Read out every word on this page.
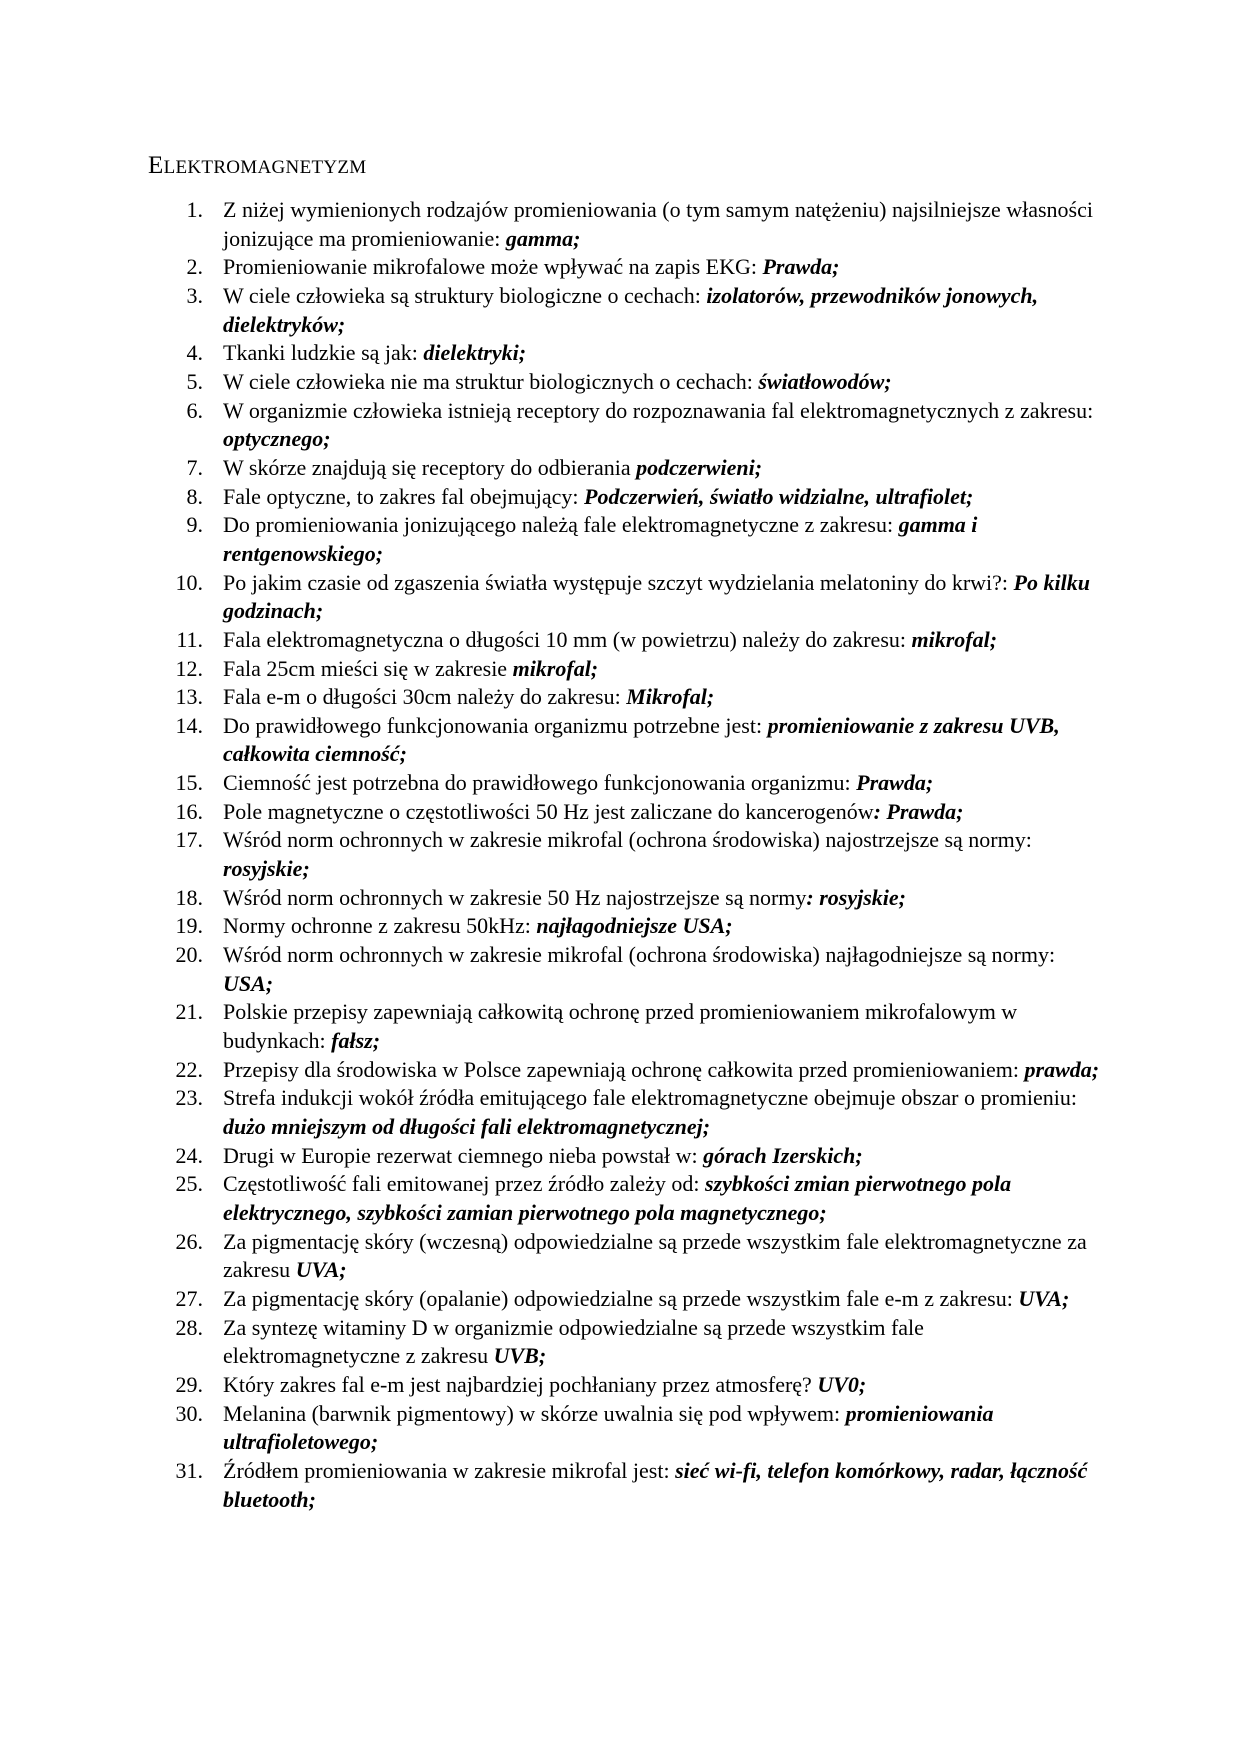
ELEKTROMAGNETYZM
1. Z niżej wymienionych rodzajów promieniowania (o tym samym natężeniu) najsilniejsze własności jonizujące ma promieniowanie: gamma;
2. Promieniowanie mikrofalowe może wpływać na zapis EKG: Prawda;
3. W ciele człowieka są struktury biologiczne o cechach: izolatorów, przewodników jonowych, dielektryków;
4. Tkanki ludzkie są jak: dielektryki;
5. W ciele człowieka nie ma struktur biologicznych o cechach: światłowodów;
6. W organizmie człowieka istnieją receptory do rozpoznawania fal elektromagnetycznych z zakresu: optycznego;
7. W skórze znajdują się receptory do odbierania podczerwieni;
8. Fale optyczne, to zakres fal obejmujący: Podczerwień, światło widzialne, ultrafiolet;
9. Do promieniowania jonizującego należą fale elektromagnetyczne z zakresu: gamma i rentgenowskiego;
10. Po jakim czasie od zgaszenia światła występuje szczyt wydzielania melatoniny do krwi?: Po kilku godzinach;
11. Fala elektromagnetyczna o długości 10 mm (w powietrzu) należy do zakresu: mikrofal;
12. Fala 25cm mieści się w zakresie mikrofal;
13. Fala e-m o długości 30cm należy do zakresu: Mikrofal;
14. Do prawidłowego funkcjonowania organizmu potrzebne jest: promieniowanie z zakresu UVB, całkowita ciemność;
15. Ciemność jest potrzebna do prawidłowego funkcjonowania organizmu: Prawda;
16. Pole magnetyczne o częstotliwości 50 Hz jest zaliczane do kancerogenów: Prawda;
17. Wśród norm ochronnych w zakresie mikrofal (ochrona środowiska) najostrzejsze są normy: rosyjskie;
18. Wśród norm ochronnych w zakresie 50 Hz najostrzejsze są normy: rosyjskie;
19. Normy ochronne z zakresu 50kHz: najłagodniejsze USA;
20. Wśród norm ochronnych w zakresie mikrofal (ochrona środowiska) najłagodniejsze są normy: USA;
21. Polskie przepisy zapewniają całkowitą ochronę przed promieniowaniem mikrofalowym w budynkach: fałsz;
22. Przepisy dla środowiska w Polsce zapewniają ochronę całkowita przed promieniowaniem: prawda;
23. Strefa indukcji wokół źródła emitującego fale elektromagnetyczne obejmuje obszar o promieniu: dużo mniejszym od długości fali elektromagnetycznej;
24. Drugi w Europie rezerwat ciemnego nieba powstał w: górach Izerskich;
25. Częstotliwość fali emitowanej przez źródło zależy od: szybkości zmian pierwotnego pola elektrycznego, szybkości zamian pierwotnego pola magnetycznego;
26. Za pigmentację skóry (wczesną) odpowiedzialne są przede wszystkim fale elektromagnetyczne za zakresu UVA;
27. Za pigmentację skóry (opalanie) odpowiedzialne są przede wszystkim fale e-m z zakresu: UVA;
28. Za syntezę witaminy D w organizmie odpowiedzialne są przede wszystkim fale elektromagnetyczne z zakresu UVB;
29. Który zakres fal e-m jest najbardziej pochłaniany przez atmosferę? UV0;
30. Melanina (barwnik pigmentowy) w skórze uwalnia się pod wpływem: promieniowania ultrafioletowego;
31. Źródłem promieniowania w zakresie mikrofal jest: sieć wi-fi, telefon komórkowy, radar, łączność bluetooth;
